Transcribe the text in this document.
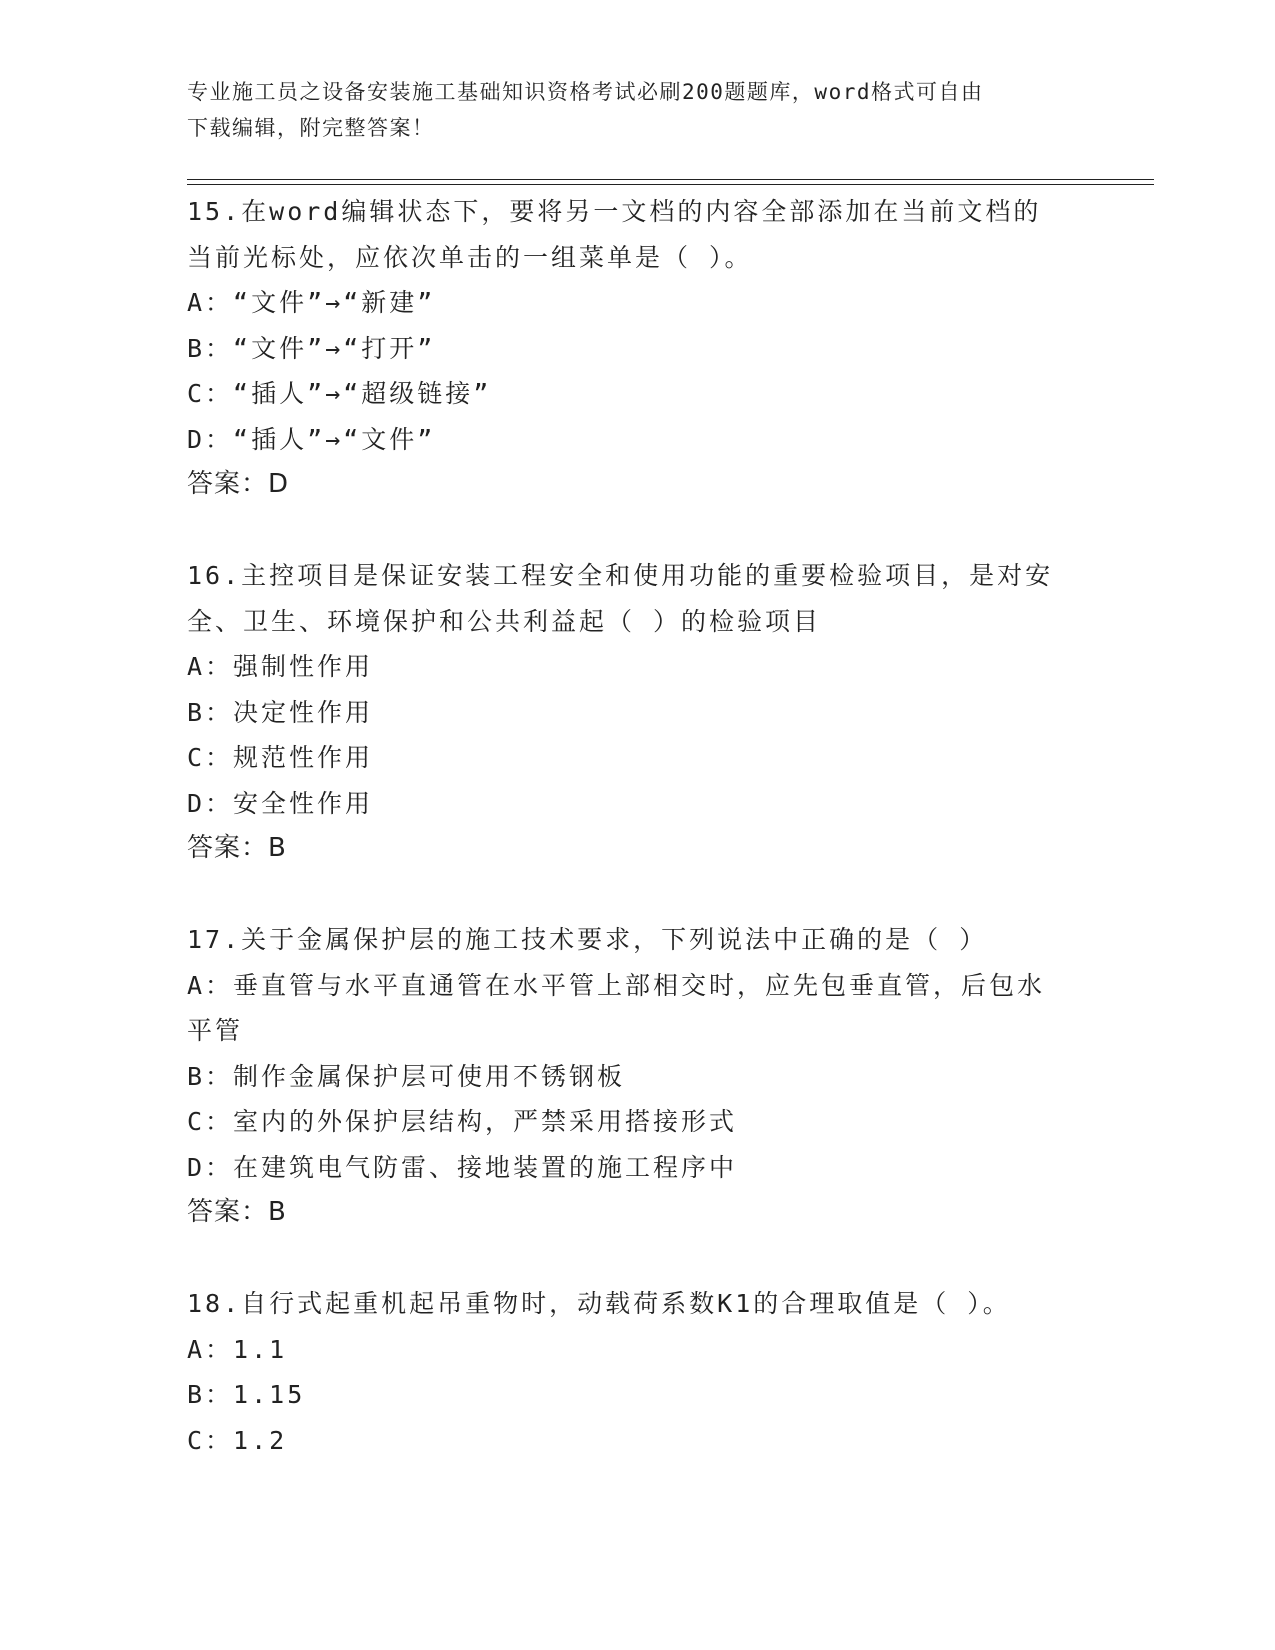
专业施工员之设备安装施工基础知识资格考试必刷200题题库，word格式可自由
下载编辑，附完整答案！

15.在word编辑状态下，要将另一文档的内容全部添加在当前文档的

当前光标处，应依次单击的一组菜单是（ ）。

A：“文件”→“新建”

B：“文件”→“打开”

C：“插人”→“超级链接”

D：“插人”→“文件”

答案：D

16.主控项目是保证安装工程安全和使用功能的重要检验项目，是对安

全、卫生、环境保护和公共利益起（ ）的检验项目

A：强制性作用

B：决定性作用

C：规范性作用

D：安全性作用

答案：B

17.关于金属保护层的施工技术要求，下列说法中正确的是（ ）

A：垂直管与水平直通管在水平管上部相交时，应先包垂直管，后包水

平管

B：制作金属保护层可使用不锈钢板

C：室内的外保护层结构，严禁采用搭接形式

D：在建筑电气防雷、接地装置的施工程序中

答案：B

18.自行式起重机起吊重物时，动载荷系数K1的合理取值是（ ）。

A：1.1

B：1.15

C：1.2
